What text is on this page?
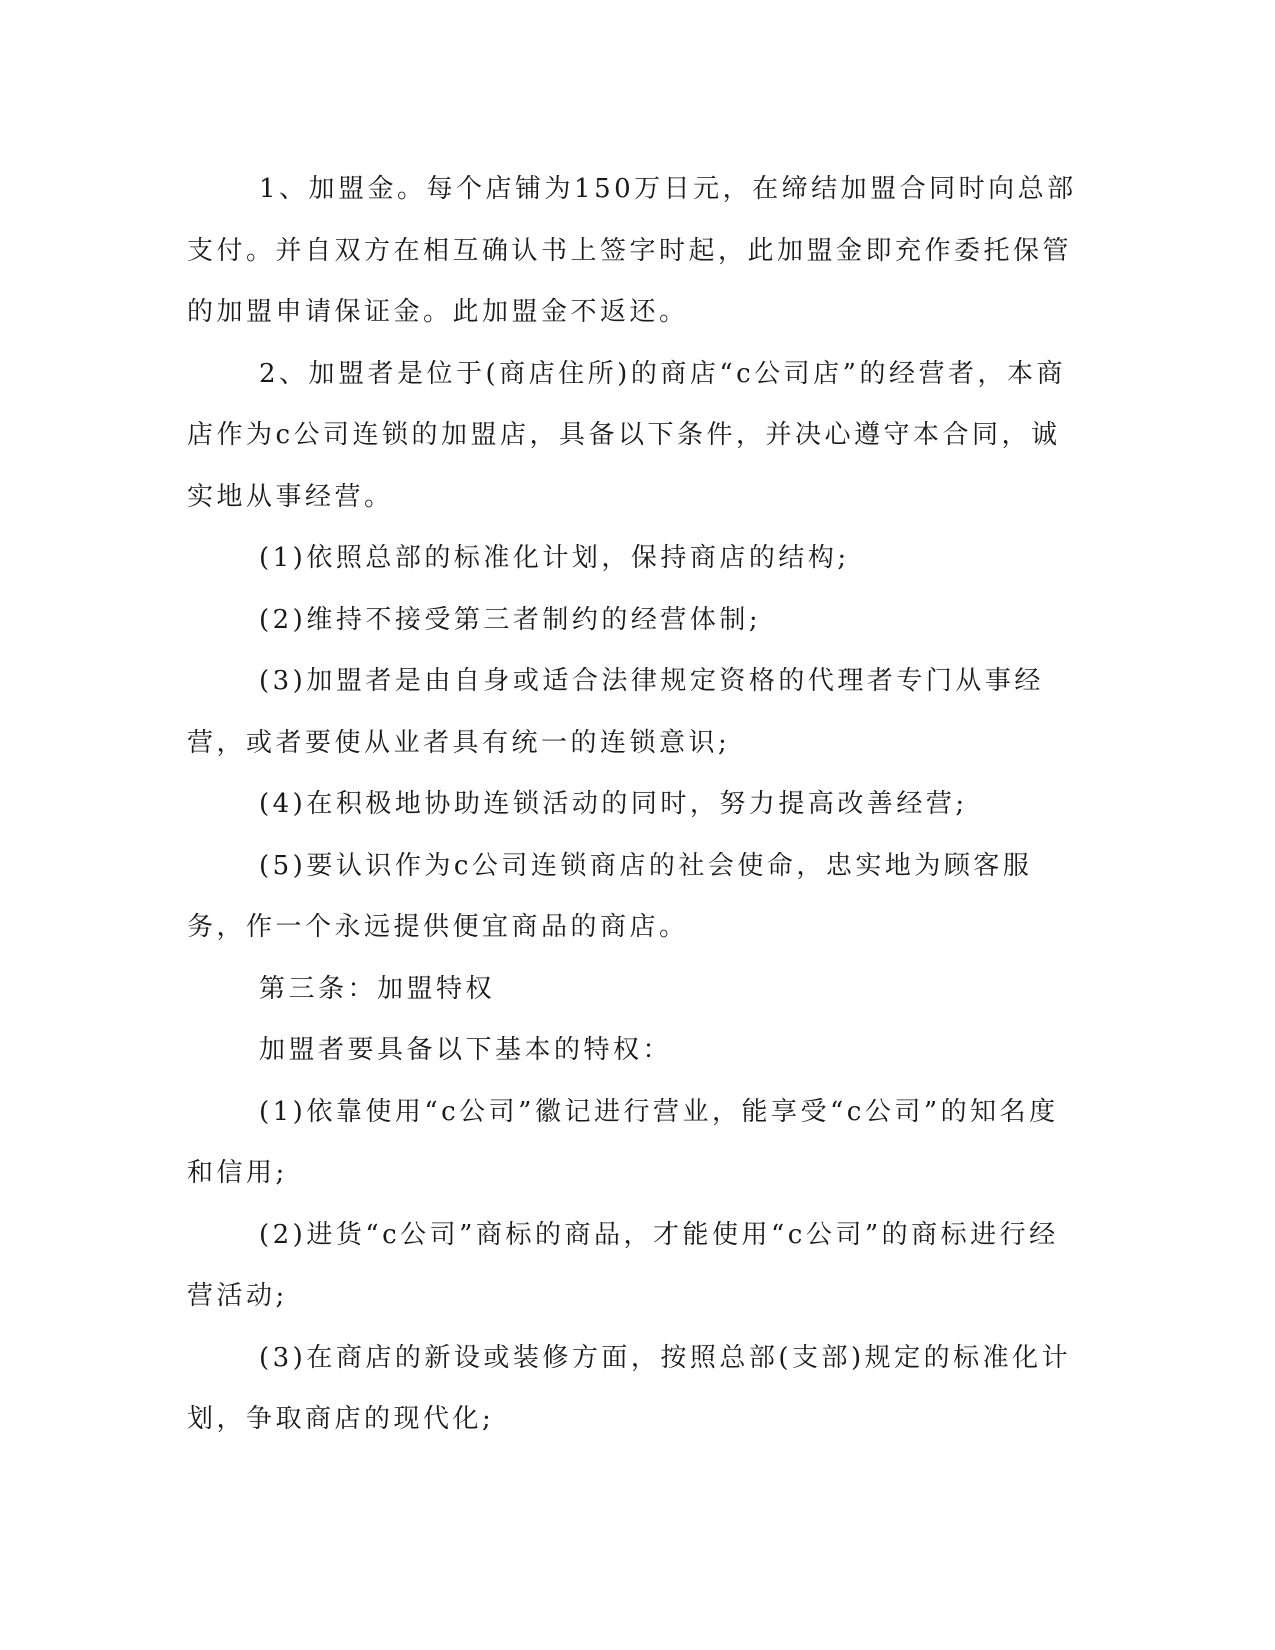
1、加盟金。每个店铺为150万日元，在缔结加盟合同时向总部支付。并自双方在相互确认书上签字时起，此加盟金即充作委托保管的加盟申请保证金。此加盟金不返还。

2、加盟者是位于(商店住所)的商店“c公司店”的经营者，本商店作为c公司连锁的加盟店，具备以下条件，并决心遵守本合同，诚实地从事经营。

(1)依照总部的标准化计划，保持商店的结构;

(2)维持不接受第三者制约的经营体制;

(3)加盟者是由自身或适合法律规定资格的代理者专门从事经营，或者要使从业者具有统一的连锁意识;

(4)在积极地协助连锁活动的同时，努力提高改善经营;

(5)要认识作为c公司连锁商店的社会使命，忠实地为顾客服务，作一个永远提供便宜商品的商店。

第三条：加盟特权

加盟者要具备以下基本的特权：

(1)依靠使用“c公司”徽记进行营业，能享受“c公司”的知名度和信用;

(2)进货“c公司”商标的商品，才能使用“c公司”的商标进行经营活动;

(3)在商店的新设或装修方面，按照总部(支部)规定的标准化计划，争取商店的现代化;
